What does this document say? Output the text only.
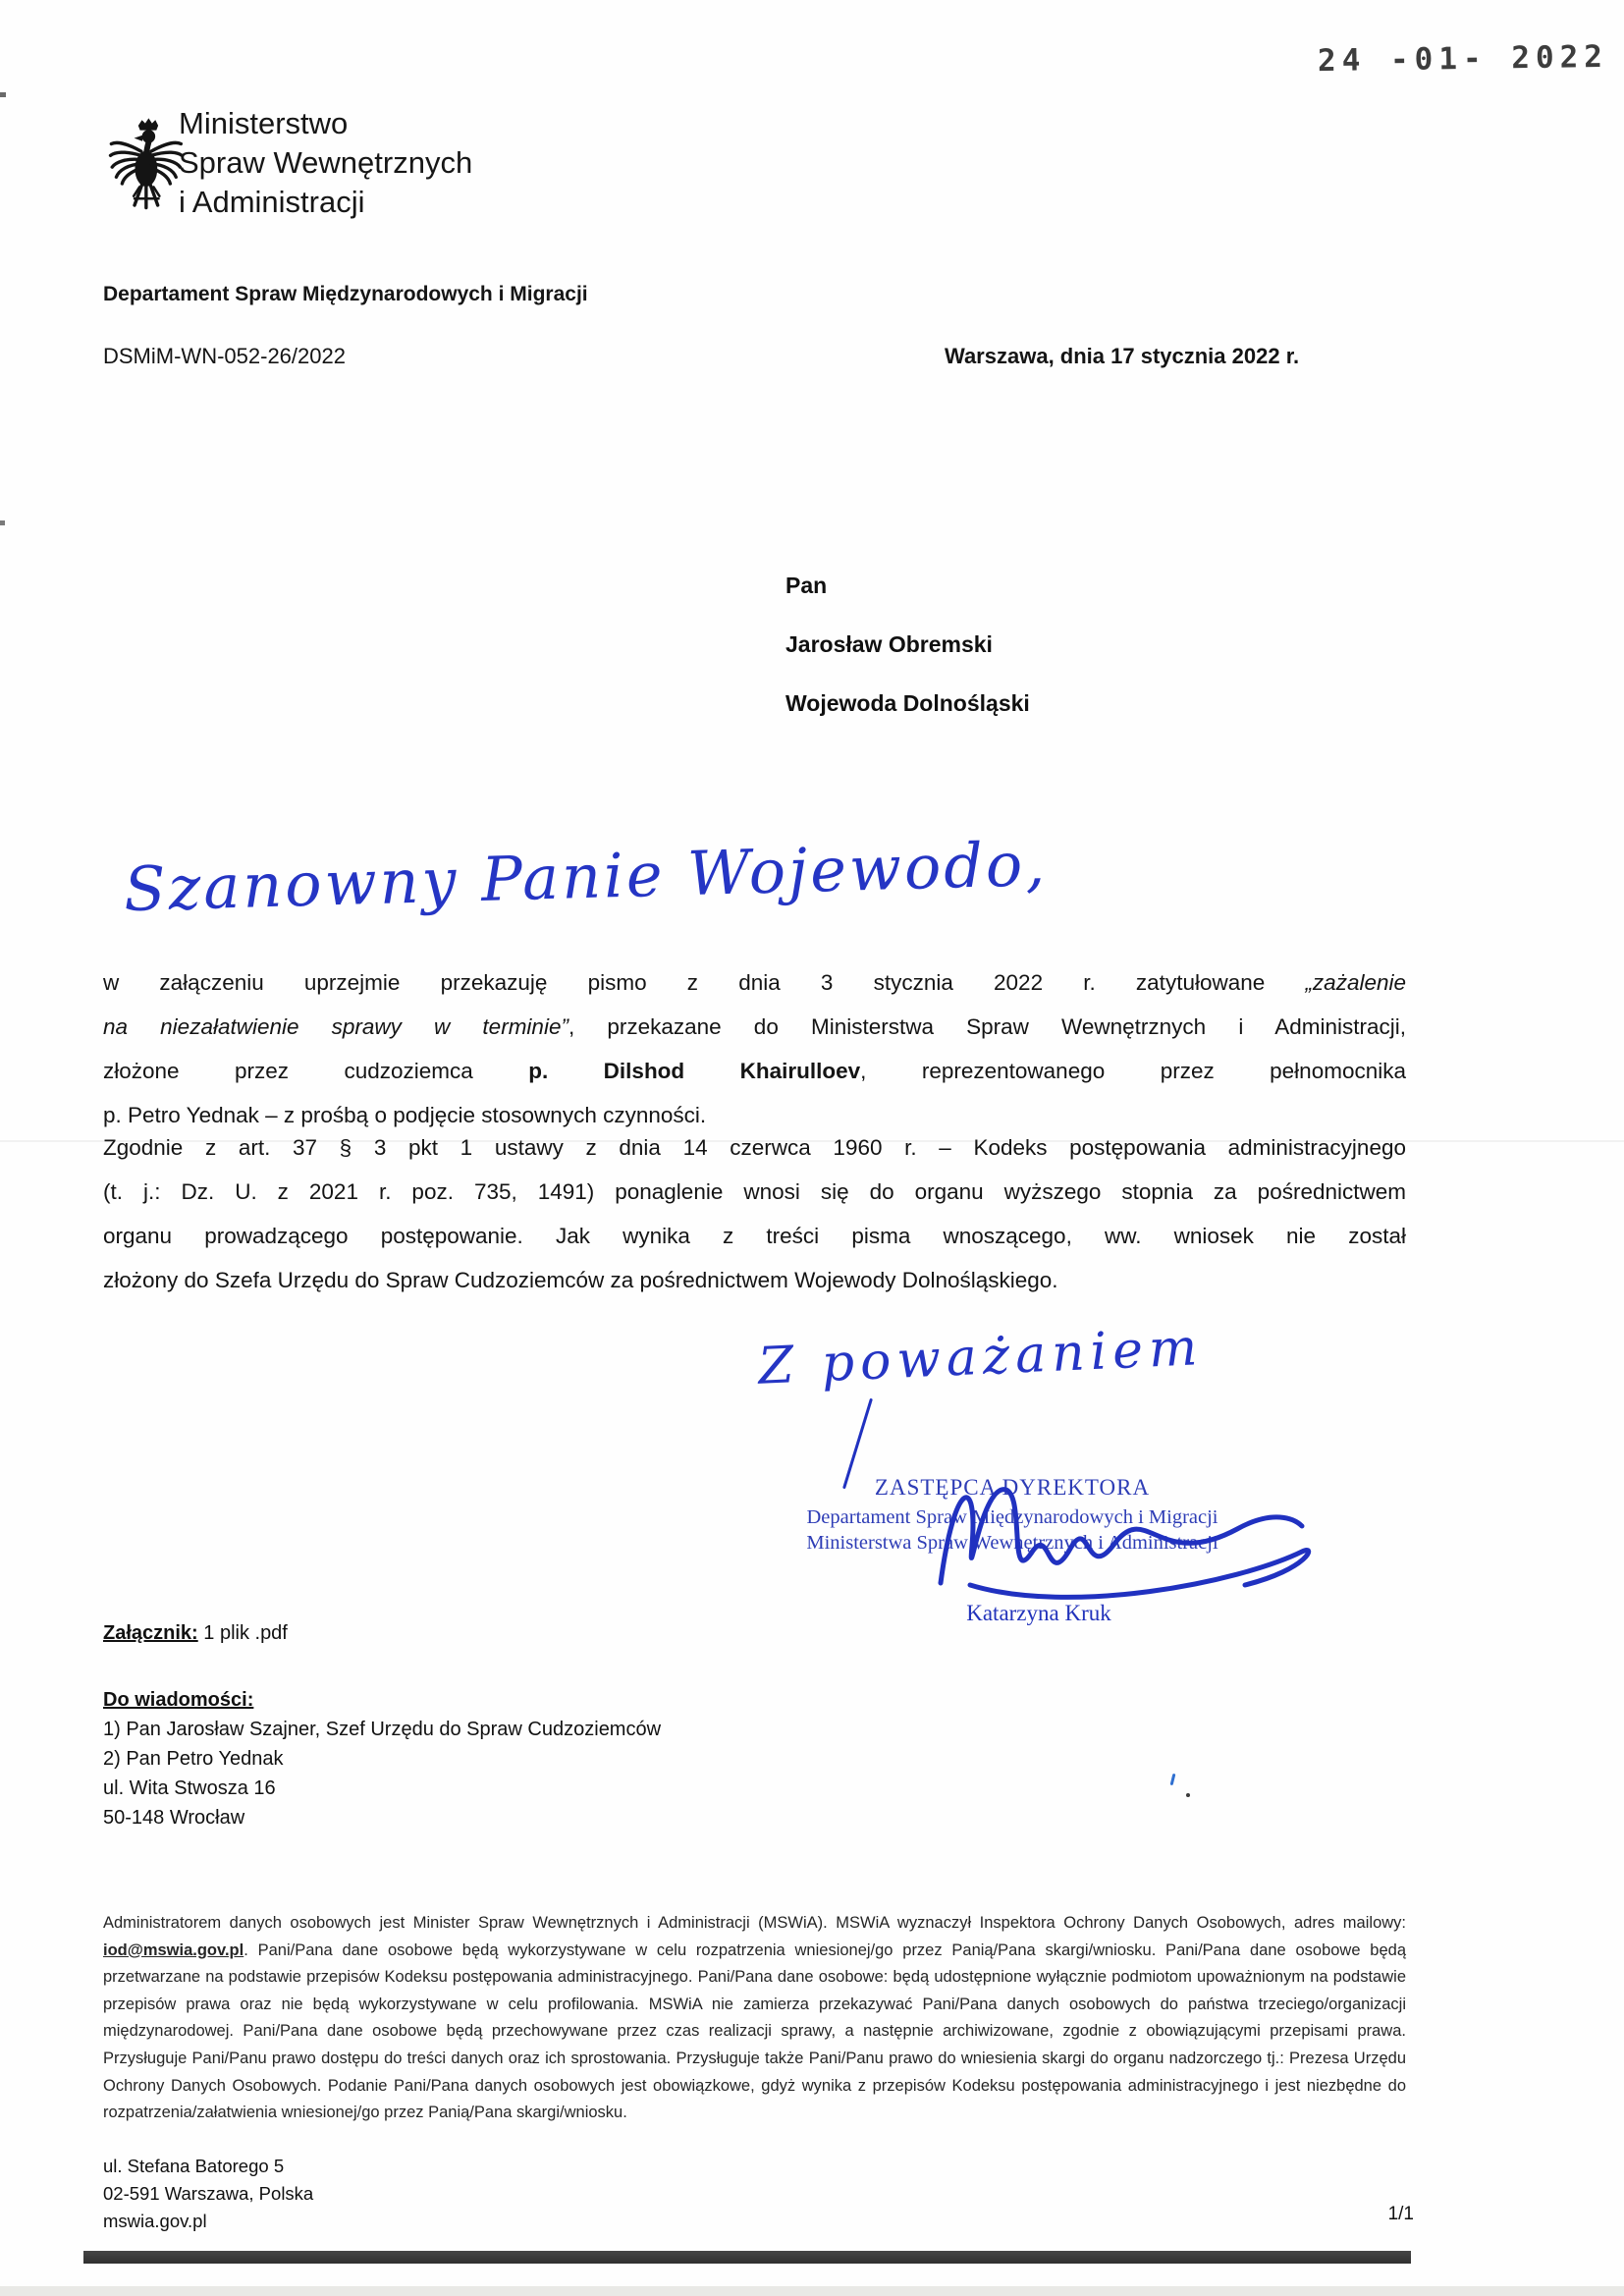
24 -01- 2022
Ministerstwo
Spraw Wewnętrznych
i Administracji
Departament Spraw Międzynarodowych i Migracji
DSMiM-WN-052-26/2022	Warszawa, dnia 17 stycznia 2022 r.
Pan
Jarosław Obremski
Wojewoda Dolnośląski
Szanowny Panie Wojewodo,
w załączeniu uprzejmie przekazuję pismo z dnia 3 stycznia 2022 r. zatytułowane „zażalenie
na niezałatwienie sprawy w terminie”, przekazane do Ministerstwa Spraw Wewnętrznych i Administracji,
złożone przez cudzoziemca p. Dilshod Khairulloev, reprezentowanego przez pełnomocnika
p. Petro Yednak – z prośbą o podjęcie stosownych czynności.
Zgodnie z art. 37 § 3 pkt 1 ustawy z dnia 14 czerwca 1960 r. – Kodeks postępowania administracyjnego
(t. j.: Dz. U. z 2021 r. poz. 735, 1491) ponaglenie wnosi się do organu wyższego stopnia za pośrednictwem
organu prowadzącego postępowanie. Jak wynika z treści pisma wnoszącego, ww. wniosek nie został
złożony do Szefa Urzędu do Spraw Cudzoziemców za pośrednictwem Wojewody Dolnośląskiego.
Z poważaniem
ZASTĘPCA DYREKTORA
Departament Spraw Międzynarodowych i Migracji
Ministerstwa Spraw Wewnętrznych i Administracji
Katarzyna Kruk
Załącznik: 1 plik .pdf
Do wiadomości:
1) Pan Jarosław Szajner, Szef Urzędu do Spraw Cudzoziemców
2) Pan Petro Yednak
ul. Wita Stwosza 16
50-148 Wrocław
Administratorem danych osobowych jest Minister Spraw Wewnętrznych i Administracji (MSWiA). MSWiA wyznaczył Inspektora Ochrony Danych Osobowych, adres mailowy: iod@mswia.gov.pl. Pani/Pana dane osobowe będą wykorzystywane w celu rozpatrzenia wniesionej/go przez Panią/Pana skargi/wniosku. Pani/Pana dane osobowe będą przetwarzane na podstawie przepisów Kodeksu postępowania administracyjnego. Pani/Pana dane osobowe: będą udostępnione wyłącznie podmiotom upoważnionym na podstawie przepisów prawa oraz nie będą wykorzystywane w celu profilowania. MSWiA nie zamierza przekazywać Pani/Pana danych osobowych do państwa trzeciego/organizacji międzynarodowej. Pani/Pana dane osobowe będą przechowywane przez czas realizacji sprawy, a następnie archiwizowane, zgodnie z obowiązującymi przepisami prawa. Przysługuje Pani/Panu prawo dostępu do treści danych oraz ich sprostowania. Przysługuje także Pani/Panu prawo do wniesienia skargi do organu nadzorczego tj.: Prezesa Urzędu Ochrony Danych Osobowych. Podanie Pani/Pana danych osobowych jest obowiązkowe, gdyż wynika z przepisów Kodeksu postępowania administracyjnego i jest niezbędne do rozpatrzenia/załatwienia wniesionej/go przez Panią/Pana skargi/wniosku.
ul. Stefana Batorego 5
02-591 Warszawa, Polska
mswia.gov.pl	1/1
